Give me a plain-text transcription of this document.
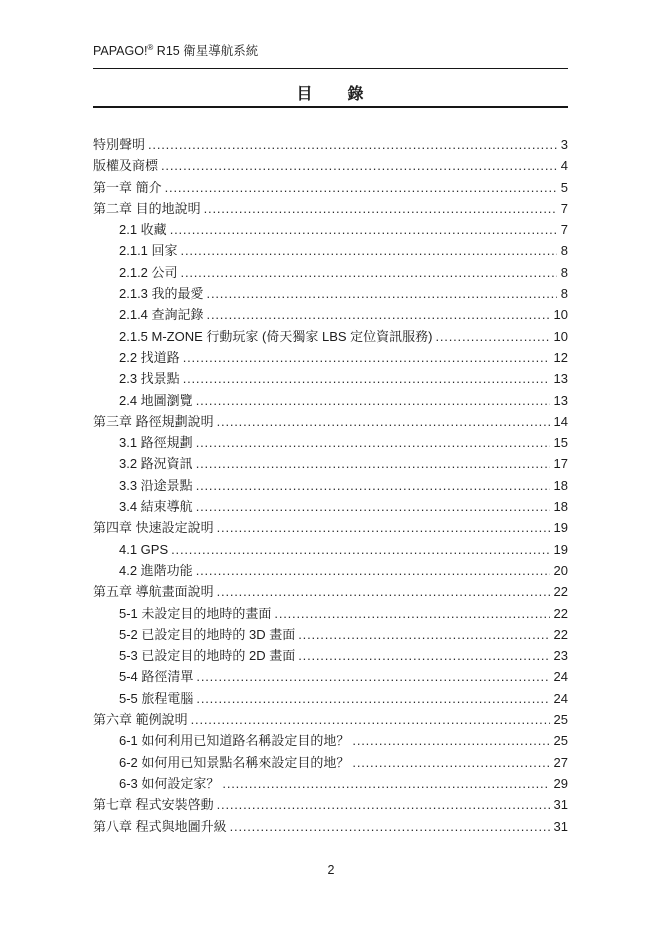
PAPAGO!® R15 衛星導航系統
目　　錄
特別聲明 .....	3
版權及商標 .....	4
第一章 簡介 .....	5
第二章 目的地說明 .....	7
2.1 收藏 .....	7
2.1.1 回家 .....	8
2.1.2 公司 .....	8
2.1.3 我的最愛 .....	8
2.1.4 查詢記錄 .....	10
2.1.5 M-ZONE 行動玩家 (倚天獨家 LBS 定位資訊服務) .....	10
2.2 找道路 .....	12
2.3 找景點 .....	13
2.4 地圖瀏覽 .....	13
第三章 路徑規劃說明 .....	14
3.1 路徑規劃 .....	15
3.2 路況資訊 .....	17
3.3 沿途景點 .....	18
3.4 結束導航 .....	18
第四章 快速設定說明 .....	19
4.1 GPS .....	19
4.2 進階功能 .....	20
第五章 導航畫面說明 .....	22
5-1 未設定目的地時的畫面 .....	22
5-2 已設定目的地時的 3D 畫面 .....	22
5-3 已設定目的地時的 2D 畫面 .....	23
5-4 路徑清單 .....	24
5-5 旅程電腦 .....	24
第六章 範例說明 .....	25
6-1 如何利用已知道路名稱設定目的地？ .....	25
6-2 如何用已知景點名稱來設定目的地？ .....	27
6-3 如何設定家？ .....	29
第七章 程式安裝啓動 .....	31
第八章 程式與地圖升級 .....	31
2
